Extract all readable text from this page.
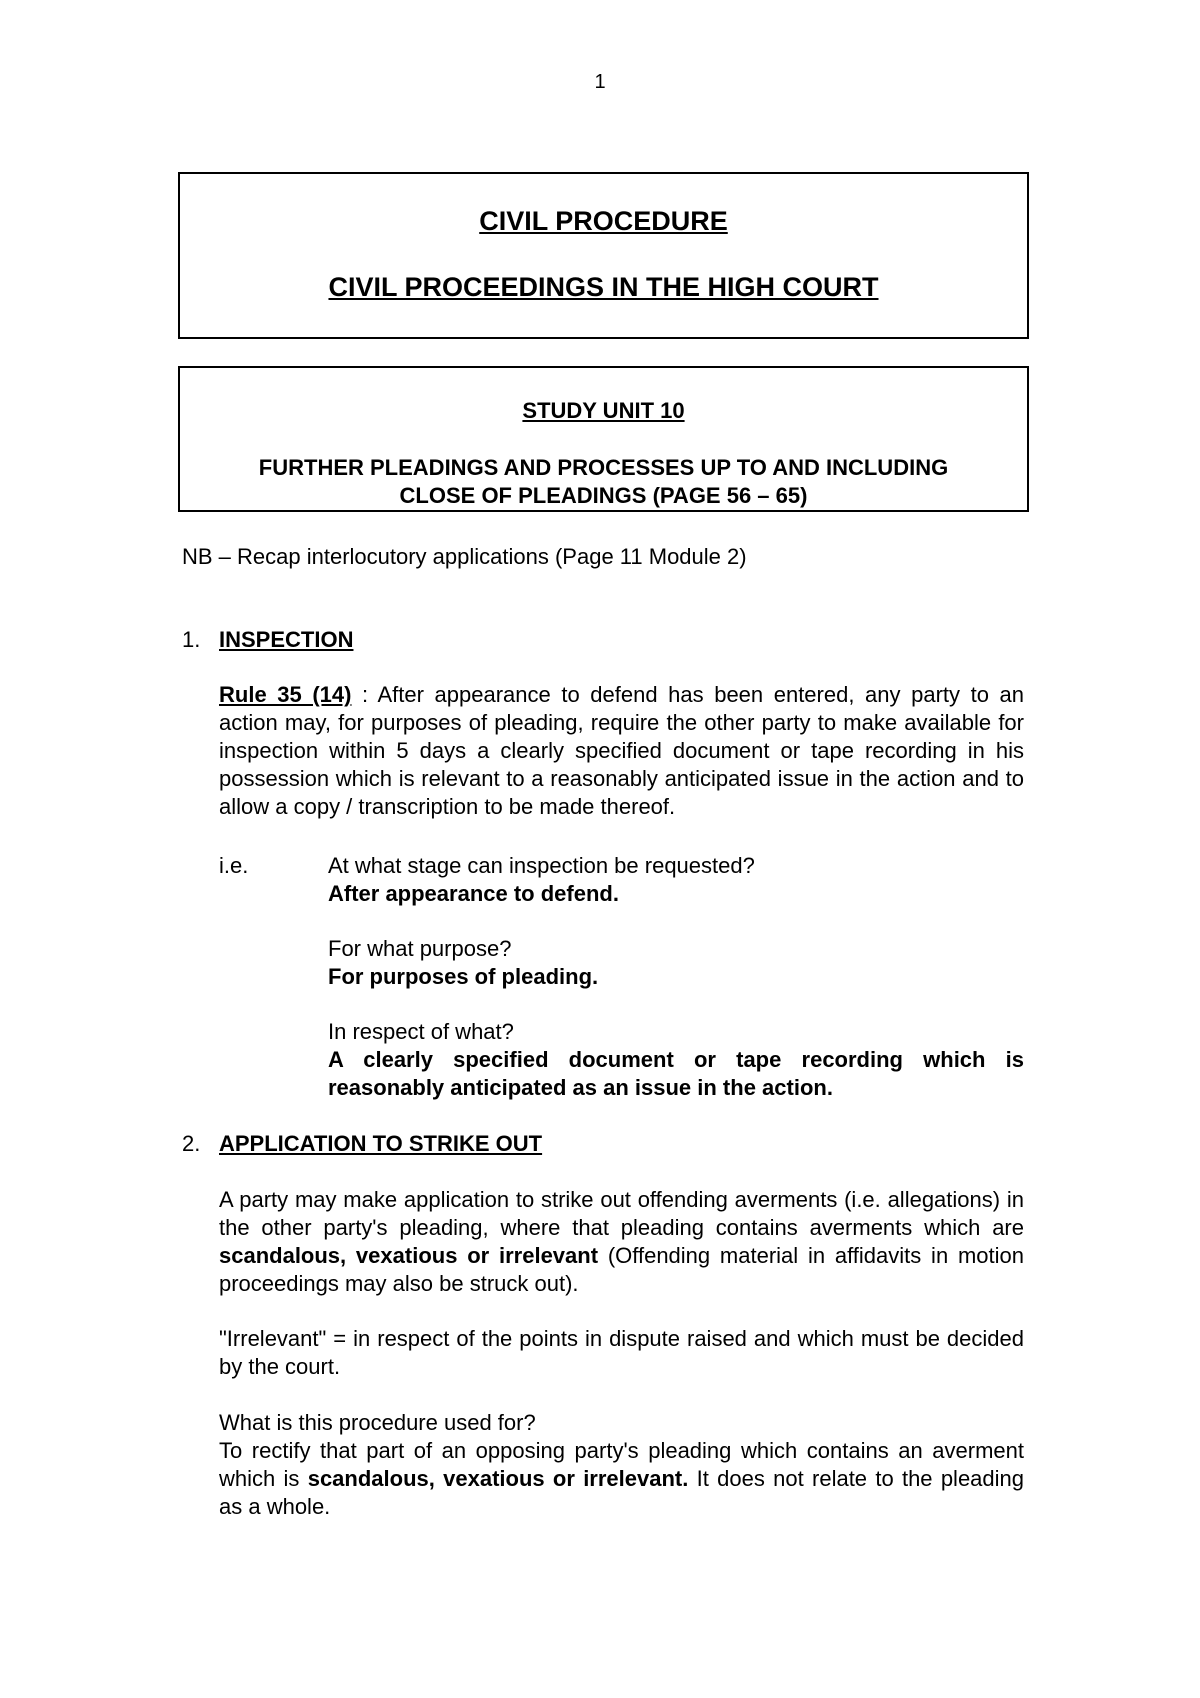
1
CIVIL PROCEDURE
CIVIL PROCEEDINGS IN THE HIGH COURT
STUDY UNIT 10
FURTHER PLEADINGS AND PROCESSES UP TO AND INCLUDING
CLOSE OF PLEADINGS (PAGE 56 – 65)
NB – Recap interlocutory applications (Page 11 Module 2)
1. INSPECTION
Rule 35 (14) : After appearance to defend has been entered, any party to an action may, for purposes of pleading, require the other party to make available for inspection within 5 days a clearly specified document or tape recording in his possession which is relevant to a reasonably anticipated issue in the action and to allow a copy / transcription to be made thereof.
i.e.	At what stage can inspection be requested?
After appearance to defend.
For what purpose?
For purposes of pleading.
In respect of what?
A clearly specified document or tape recording which is reasonably anticipated as an issue in the action.
2. APPLICATION TO STRIKE OUT
A party may make application to strike out offending averments (i.e. allegations) in the other party's pleading, where that pleading contains averments which are scandalous, vexatious or irrelevant (Offending material in affidavits in motion proceedings may also be struck out).
"Irrelevant" = in respect of the points in dispute raised and which must be decided by the court.
What is this procedure used for?
To rectify that part of an opposing party's pleading which contains an averment which is scandalous, vexatious or irrelevant. It does not relate to the pleading as a whole.
